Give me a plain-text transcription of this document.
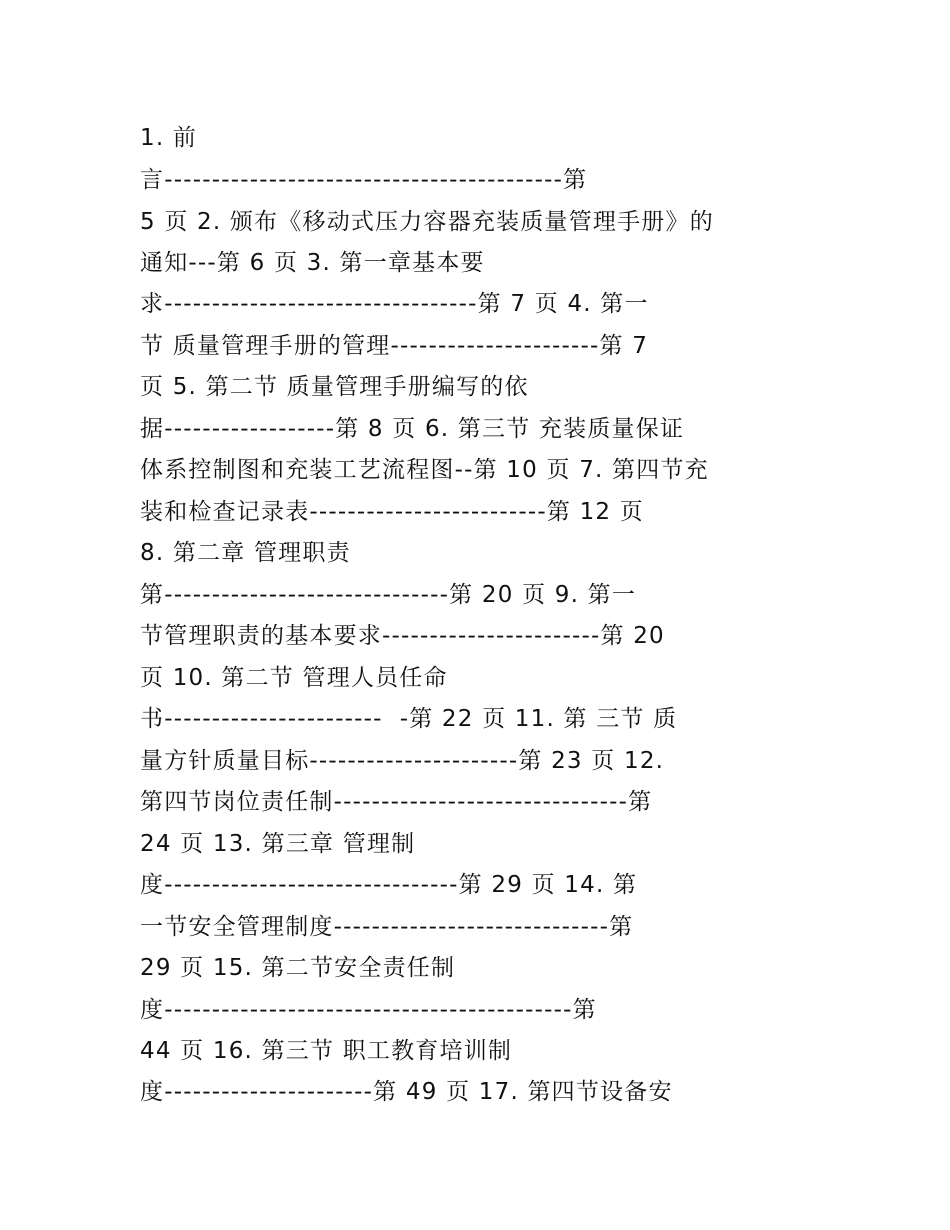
1. 前
言------------------------------------------第
5 页 2. 颁布《移动式压力容器充装质量管理手册》的
通知---第 6 页 3. 第一章基本要
求---------------------------------第 7 页 4. 第一
节 质量管理手册的管理----------------------第 7
页 5. 第二节 质量管理手册编写的依
据------------------第 8 页 6. 第三节 充装质量保证
体系控制图和充装工艺流程图--第 10 页 7. 第四节充
装和检查记录表-------------------------第 12 页
8. 第二章 管理职责
第------------------------------第 20 页 9. 第一
节管理职责的基本要求-----------------------第 20
页 10. 第二节 管理人员任命
书-----------------------  -第 22 页 11. 第 三节 质
量方针质量目标----------------------第 23 页 12.
第四节岗位责任制-------------------------------第
24 页 13. 第三章 管理制
度-------------------------------第 29 页 14. 第
一节安全管理制度-----------------------------第
29 页 15. 第二节安全责任制
度-------------------------------------------第
44 页 16. 第三节 职工教育培训制
度----------------------第 49 页 17. 第四节设备安
